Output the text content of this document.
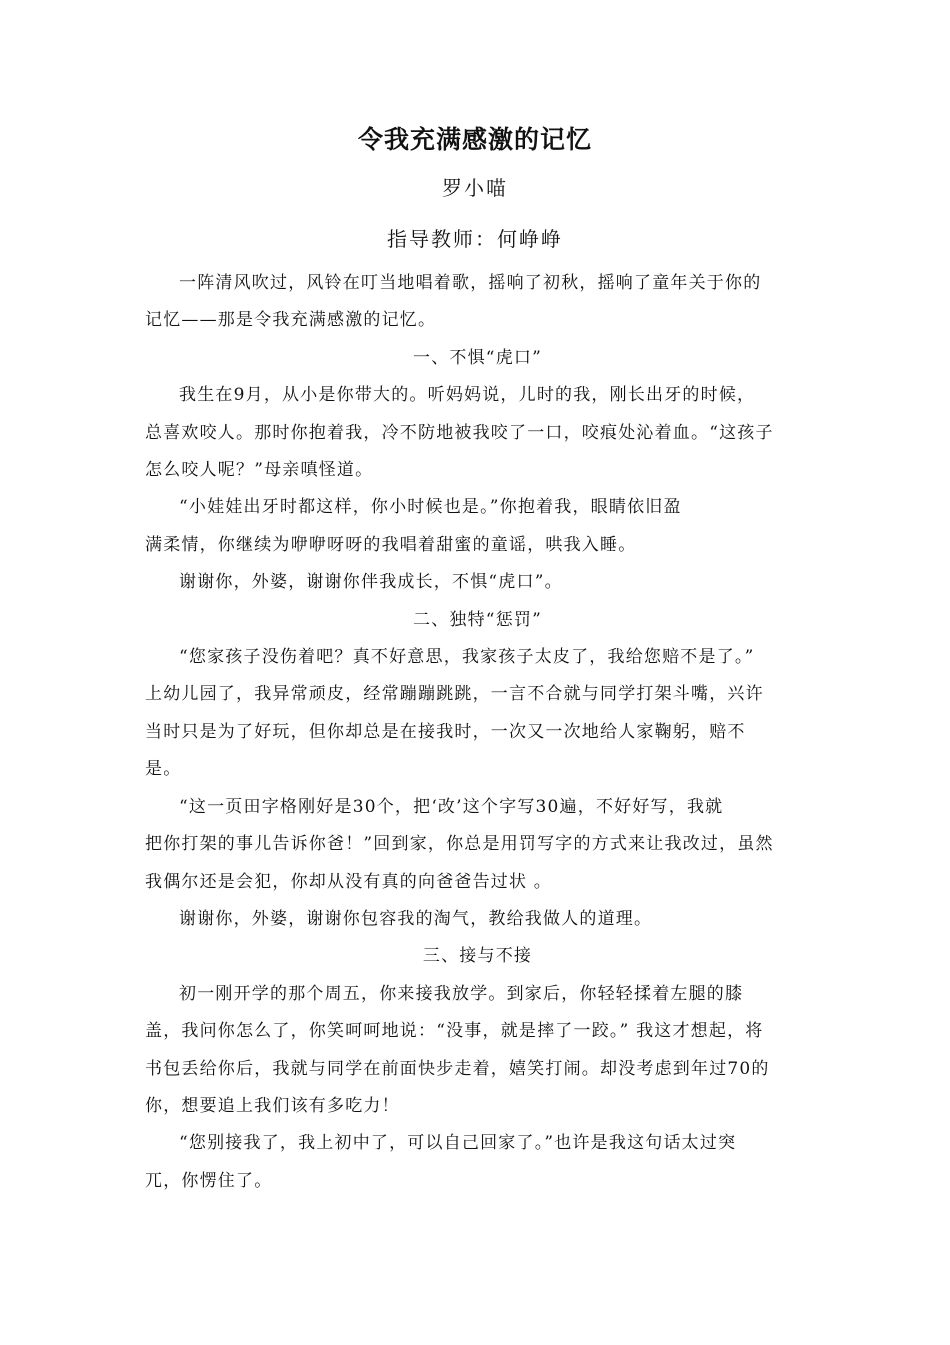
令我充满感激的记忆
罗小喵
指导教师：何峥峥

一阵清风吹过，风铃在叮当地唱着歌，摇响了初秋，摇响了童年关于你的

记忆——那是令我充满感激的记忆。

一、不惧“虎口”

我生在9月，从小是你带大的。听妈妈说，儿时的我，刚长出牙的时候，

总喜欢咬人。那时你抱着我，冷不防地被我咬了一口，咬痕处沁着血。“这孩子

怎么咬人呢？”母亲嗔怪道。

“小娃娃出牙时都这样，你小时候也是。”你抱着我，眼睛依旧盈

满柔情，你继续为咿咿呀呀的我唱着甜蜜的童谣，哄我入睡。

谢谢你，外婆，谢谢你伴我成长，不惧“虎口”。

二、独特“惩罚”

“您家孩子没伤着吧？真不好意思，我家孩子太皮了，我给您赔不是了。”

上幼儿园了，我异常顽皮，经常蹦蹦跳跳，一言不合就与同学打架斗嘴，兴许

当时只是为了好玩，但你却总是在接我时，一次又一次地给人家鞠躬，赔不

是。

“这一页田字格刚好是30个，把‘改’这个字写30遍，不好好写，我就

把你打架的事儿告诉你爸！”回到家，你总是用罚写字的方式来让我改过，虽然

我偶尔还是会犯，你却从没有真的向爸爸告过状 。

谢谢你，外婆，谢谢你包容我的淘气，教给我做人的道理。

三、接与不接

初一刚开学的那个周五，你来接我放学。到家后，你轻轻揉着左腿的膝

盖，我问你怎么了，你笑呵呵地说：“没事，就是摔了一跤。” 我这才想起，将

书包丢给你后，我就与同学在前面快步走着，嬉笑打闹。却没考虑到年过70的

你，想要追上我们该有多吃力！

“您别接我了，我上初中了，可以自己回家了。”也许是我这句话太过突

兀，你愣住了。
